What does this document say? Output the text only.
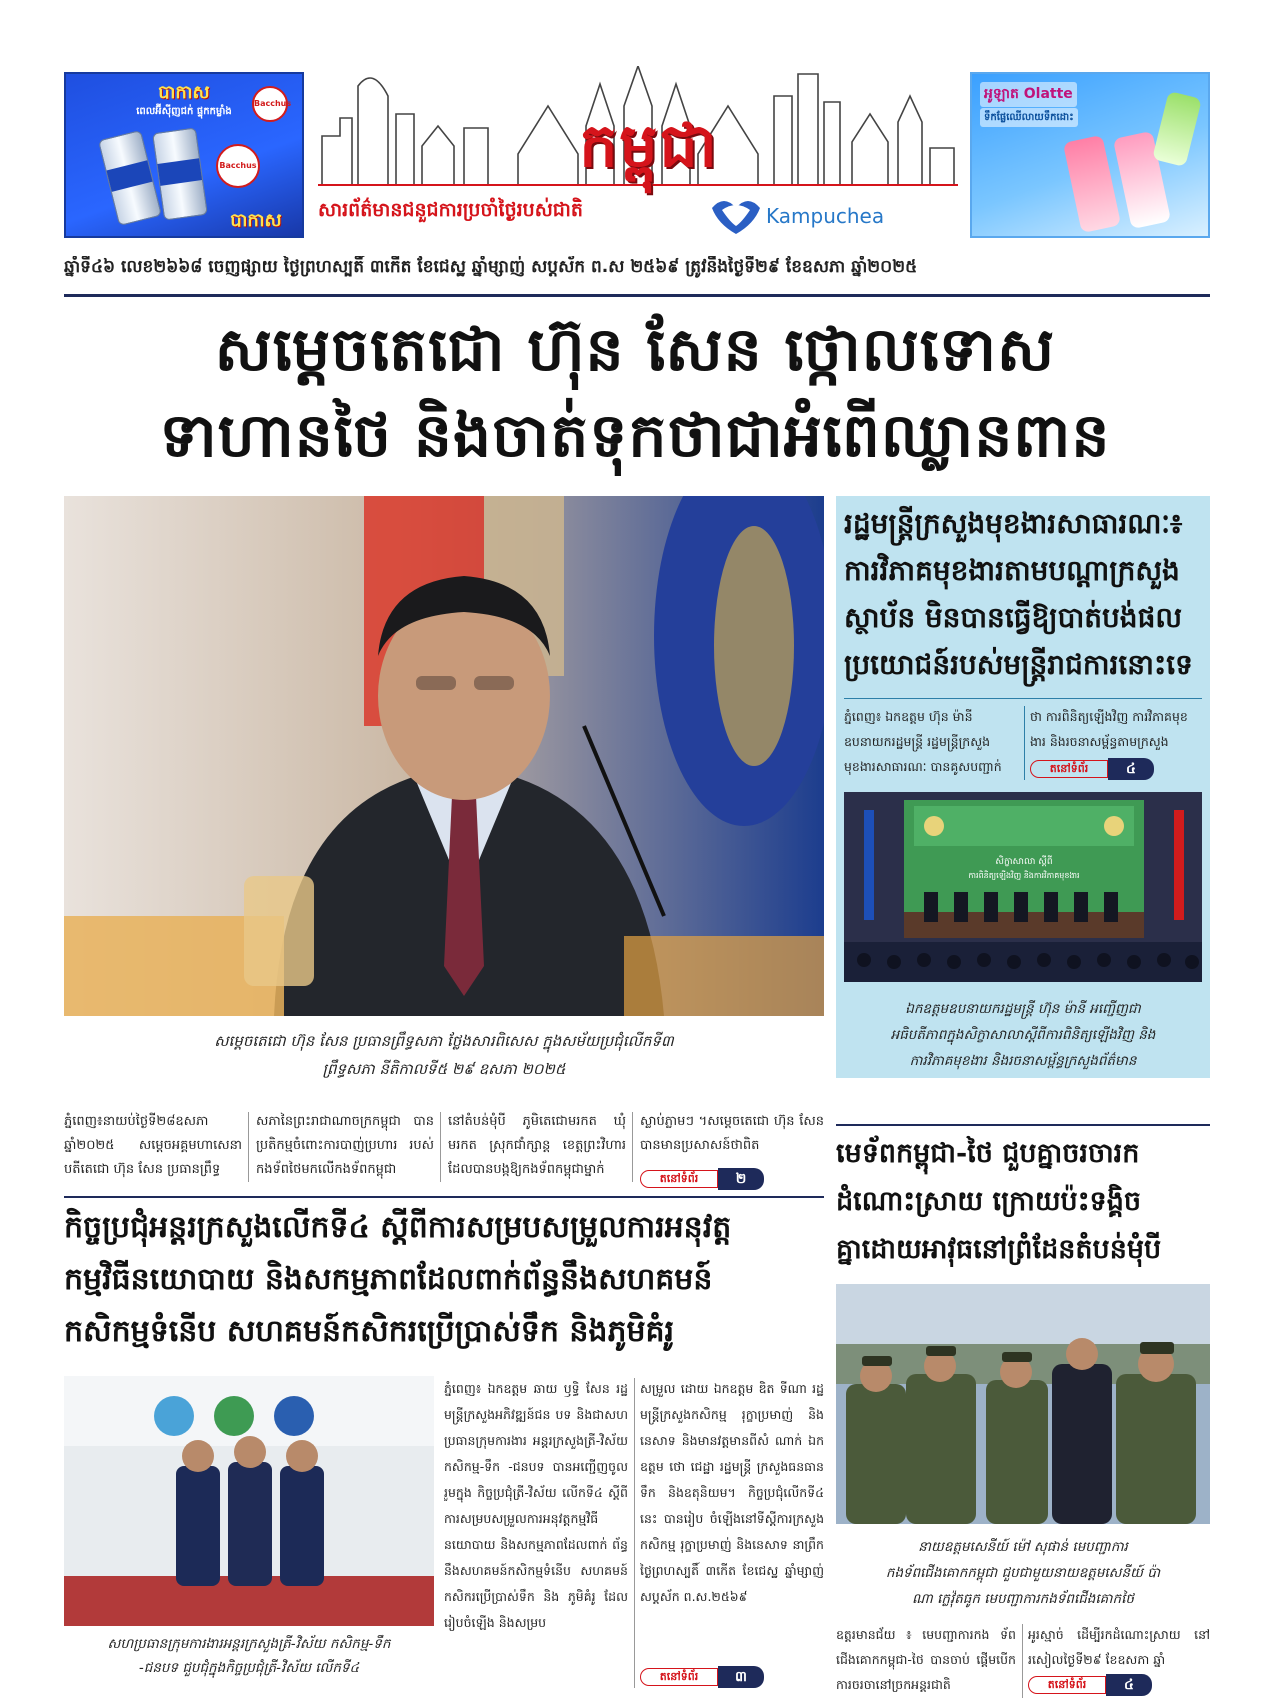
បាកាស
ពេលអ៊ីស៊ីញជក់ ផ្ទុកកម្លាំង
Bacchus
Bacchus
បាកាស
កម្ពុជា
សារព័ត៌មានជនួជការប្រចាំថ្ងៃរបស់ជាតិ	Kampuchea
អូឡាត Olatte
ទឹកផ្លែឈើលាយទឹកដោះ
ឆ្នាំទី៤៦ លេខ២៦៦៨ ចេញផ្សាយ ថ្ងៃព្រហស្បតិ៍ ៣កើត ខែជេស្ឋ ឆ្នាំម្សាញ់ សប្តស័ក ព.ស ២៥៦៩ ត្រូវនឹងថ្ងៃទី២៩ ខែឧសភា ឆ្នាំ២០២៥
សម្តេចតេជោ ហ៊ុន សែន ថ្កោលទោស
ទាហានថៃ និងចាត់ទុកថាជាអំពើឈ្លានពាន
សម្តេចតេជោ ហ៊ុន សែន ប្រធានព្រឹទ្ធសភា ថ្លែងសារពិសេស ក្នុងសម័យប្រជុំលើកទី៣
ព្រឹទ្ធសភា នីតិកាលទី៥ ២៩ ឧសភា ២០២៥
ភ្នំពេញ៖នាយប់ថ្ងៃទី២៨ឧសភា ឆ្នាំ២០២៥ សម្តេចអគ្គមហាសេនា បតីតេជោ ហ៊ុន សែន ប្រធានព្រឹទ្ធ
សភានៃព្រះរាជាណាចក្រកម្ពុជា បានប្រតិកម្មចំពោះការបាញ់ប្រហារ របស់កងទ័ពថៃមកលើកងទ័ពកម្ពុជា
នៅតំបន់មុំបី ភូមិតេជោមរកត ឃុំ មរកត ស្រុកជាំក្សាន្ត ខេត្តព្រះវិហារ ដែលបានបង្កឱ្យកងទ័ពកម្ពុជាម្នាក់
ស្លាប់ភ្លាមៗ ។សម្តេចតេជោ ហ៊ុន សែនបានមានប្រសាសន៍ថាពិត
តនៅទំព័រ	២
រដ្ឋមន្ត្រីក្រសួងមុខងារសាធារណៈ៖
ការវិភាគមុខងារតាមបណ្តាក្រសួង
ស្ថាប័ន មិនបានធ្វើឱ្យបាត់បង់ផល
ប្រយោជន៍របស់មន្ត្រីរាជការនោះទេ
ភ្នំពេញ៖ ឯកឧត្តម ហ៊ុន ម៉ានី ឧបនាយករដ្ឋមន្ត្រី រដ្ឋមន្ត្រីក្រសួង មុខងារសាធារណៈ បានគូសបញ្ជាក់
ថា ការពិនិត្យឡើងវិញ ការវិភាគមុខ ងារ និងរចនាសម្ព័ន្ធតាមក្រសួង
តនៅទំព័រ	៤
សិក្ខាសាលា ស្តីពី
ការពិនិត្យឡើងវិញ និងការវិភាគមុខងារ
ឯកឧត្តមឧបនាយករដ្ឋមន្ត្រី ហ៊ុន ម៉ានី អញ្ជើញជា
អធិបតីភាពក្នុងសិក្ខាសាលាស្តីពីការពិនិត្យឡើងវិញ និង
ការវិភាគមុខងារ និងរចនាសម្ព័ន្ធក្រសួងព័ត៌មាន
កិច្ចប្រជុំអន្តរក្រសួងលើកទី៤ ស្តីពីការសម្របសម្រួលការអនុវត្ត
កម្មវិធីនយោបាយ និងសកម្មភាពដែលពាក់ព័ន្ធនឹងសហគមន៍
កសិកម្មទំនើប សហគមន៍កសិករប្រើប្រាស់ទឹក និងភូមិគំរូ
សហប្រធានក្រុមការងារអន្តរក្រសួងត្រី-វិស័យ កសិកម្ម-ទឹក
-ជនបទ ជួបជុំក្នុងកិច្ចប្រជុំត្រី-វិស័យ លើកទី៤
ភ្នំពេញ៖ ឯកឧត្តម ឆាយ ឫទ្ធិ សែន រដ្ឋមន្ត្រីក្រសួងអភិវឌ្ឍន៍ជន បទ និងជាសហប្រធានក្រុមការងារ អន្តរក្រសួងត្រី-វិស័យ កសិកម្ម-ទឹក -ជនបទ បានអញ្ជើញចូលរួមក្នុង កិច្ចប្រជុំត្រី-វិស័យ លើកទី៤ ស្តីពី ការសម្របសម្រួលការអនុវត្តកម្មវិធី នយោបាយ និងសកម្មភាពដែលពាក់ ព័ន្ធនឹងសហគមន៍កសិកម្មទំនើប សហគមន៍កសិករប្រើប្រាស់ទឹក និង ភូមិគំរូ ដែលរៀបចំឡើង និងសម្រប
សម្រួល ដោយ ឯកឧត្តម ឌិត ទីណា រដ្ឋមន្ត្រីក្រសួងកសិកម្ម រុក្ខាប្រមាញ់ និងនេសាទ និងមានវត្តមានពីសំ ណាក់ ឯកឧត្តម ថោ ជេដ្ឋា រដ្ឋមន្ត្រី ក្រសួងធនធានទឹក និងឧតុនិយម។ កិច្ចប្រជុំលើកទី៤ នេះ បានរៀប ចំឡើងនៅទីស្តីការក្រសួងកសិកម្ម រុក្ខាប្រមាញ់ និងនេសាទ នាព្រឹក ថ្ងៃព្រហស្បតិ៍ ៣កើត ខែជេស្ឋ ឆ្នាំម្សាញ់ សប្តស័ក ព.ស.២៥៦៩
តនៅទំព័រ	៣
មេទ័ពកម្ពុជា-ថៃ ជួបគ្នាចរចារក
ដំណោះស្រាយ ក្រោយប៉ះទង្គិច
គ្នាដោយអាវុធនៅព្រំដែនតំបន់មុំបី
នាយឧត្តមសេនីយ៍ ម៉ៅ សុផាន់ មេបញ្ជាការ
កងទ័ពជើងគោកកម្ពុជា ជួបជាមួយនាយឧត្តមសេនីយ៍ ប៉ា
ណា ក្លេវ៉ុតធូក មេបញ្ជាការកងទ័ពជើងគោកថៃ
ឧត្តរមានជ័យ ៖ មេបញ្ជាការកង ទ័ពជើងគោកកម្ពុជា-ថៃ បានចាប់ ផ្តើមបើកការចរចានៅច្រកអន្តរជាតិ
អូរស្មាច់ ដើម្បីរកដំណោះស្រាយ នៅរសៀលថ្ងៃទី២៩ ខែឧសភា ឆ្នាំ
តនៅទំព័រ	៤
